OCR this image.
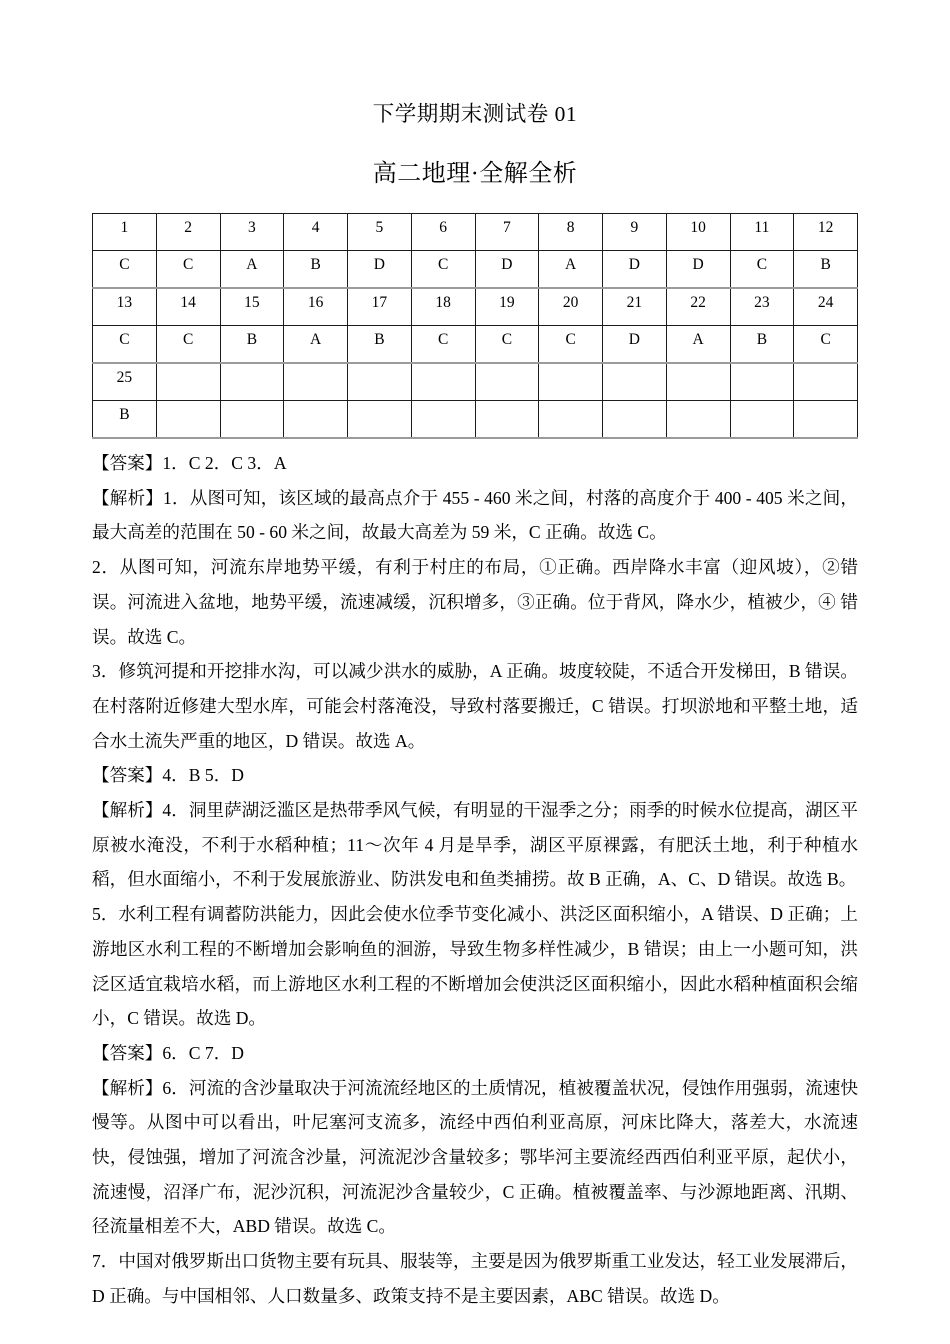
下学期期末测试卷 01
高二地理·全解全析
1	2	3	4	5	6	7	8	9	10	11	12
C	C	A	B	D	C	D	A	D	D	C	B
13	14	15	16	17	18	19	20	21	22	23	24
C	C	B	A	B	C	C	C	D	A	B	C
25											
B											

【答案】1．C 2．C 3．A

【解析】1．从图可知，该区域的最高点介于 455 - 460 米之间，村落的高度介于 400 - 405 米之间，最大高差的范围在 50 - 60 米之间，故最大高差为 59 米，C 正确。故选 C。

2．从图可知，河流东岸地势平缓，有利于村庄的布局，①正确。西岸降水丰富（迎风坡），②错误。河流进入盆地，地势平缓，流速减缓，沉积增多，③正确。位于背风，降水少，植被少，④ 错误。故选 C。

3．修筑河提和开挖排水沟，可以减少洪水的威胁，A 正确。坡度较陡，不适合开发梯田，B 错误。在村落附近修建大型水库，可能会村落淹没，导致村落要搬迁，C 错误。打坝淤地和平整土地，适合水土流失严重的地区，D 错误。故选 A。

【答案】4．B 5．D

【解析】4．洞里萨湖泛滥区是热带季风气候，有明显的干湿季之分；雨季的时候水位提高，湖区平原被水淹没，不利于水稻种植；11～次年 4 月是旱季，湖区平原裸露，有肥沃土地，利于种植水稻，但水面缩小，不利于发展旅游业、防洪发电和鱼类捕捞。故 B 正确，A、C、D 错误。故选 B。

5．水利工程有调蓄防洪能力，因此会使水位季节变化减小、洪泛区面积缩小，A 错误、D 正确；上游地区水利工程的不断增加会影响鱼的洄游，导致生物多样性减少，B 错误；由上一小题可知，洪泛区适宜栽培水稻，而上游地区水利工程的不断增加会使洪泛区面积缩小，因此水稻种植面积会缩小，C 错误。故选 D。

【答案】6．C 7．D

【解析】6．河流的含沙量取决于河流流经地区的土质情况，植被覆盖状况，侵蚀作用强弱，流速快慢等。从图中可以看出，叶尼塞河支流多，流经中西伯利亚高原，河床比降大，落差大，水流速快，侵蚀强，增加了河流含沙量，河流泥沙含量较多；鄂毕河主要流经西西伯利亚平原，起伏小，流速慢，沼泽广布，泥沙沉积，河流泥沙含量较少，C 正确。植被覆盖率、与沙源地距离、汛期、径流量相差不大，ABD 错误。故选 C。

7．中国对俄罗斯出口货物主要有玩具、服装等，主要是因为俄罗斯重工业发达，轻工业发展滞后，D 正确。与中国相邻、人口数量多、政策支持不是主要因素，ABC 错误。故选 D。
